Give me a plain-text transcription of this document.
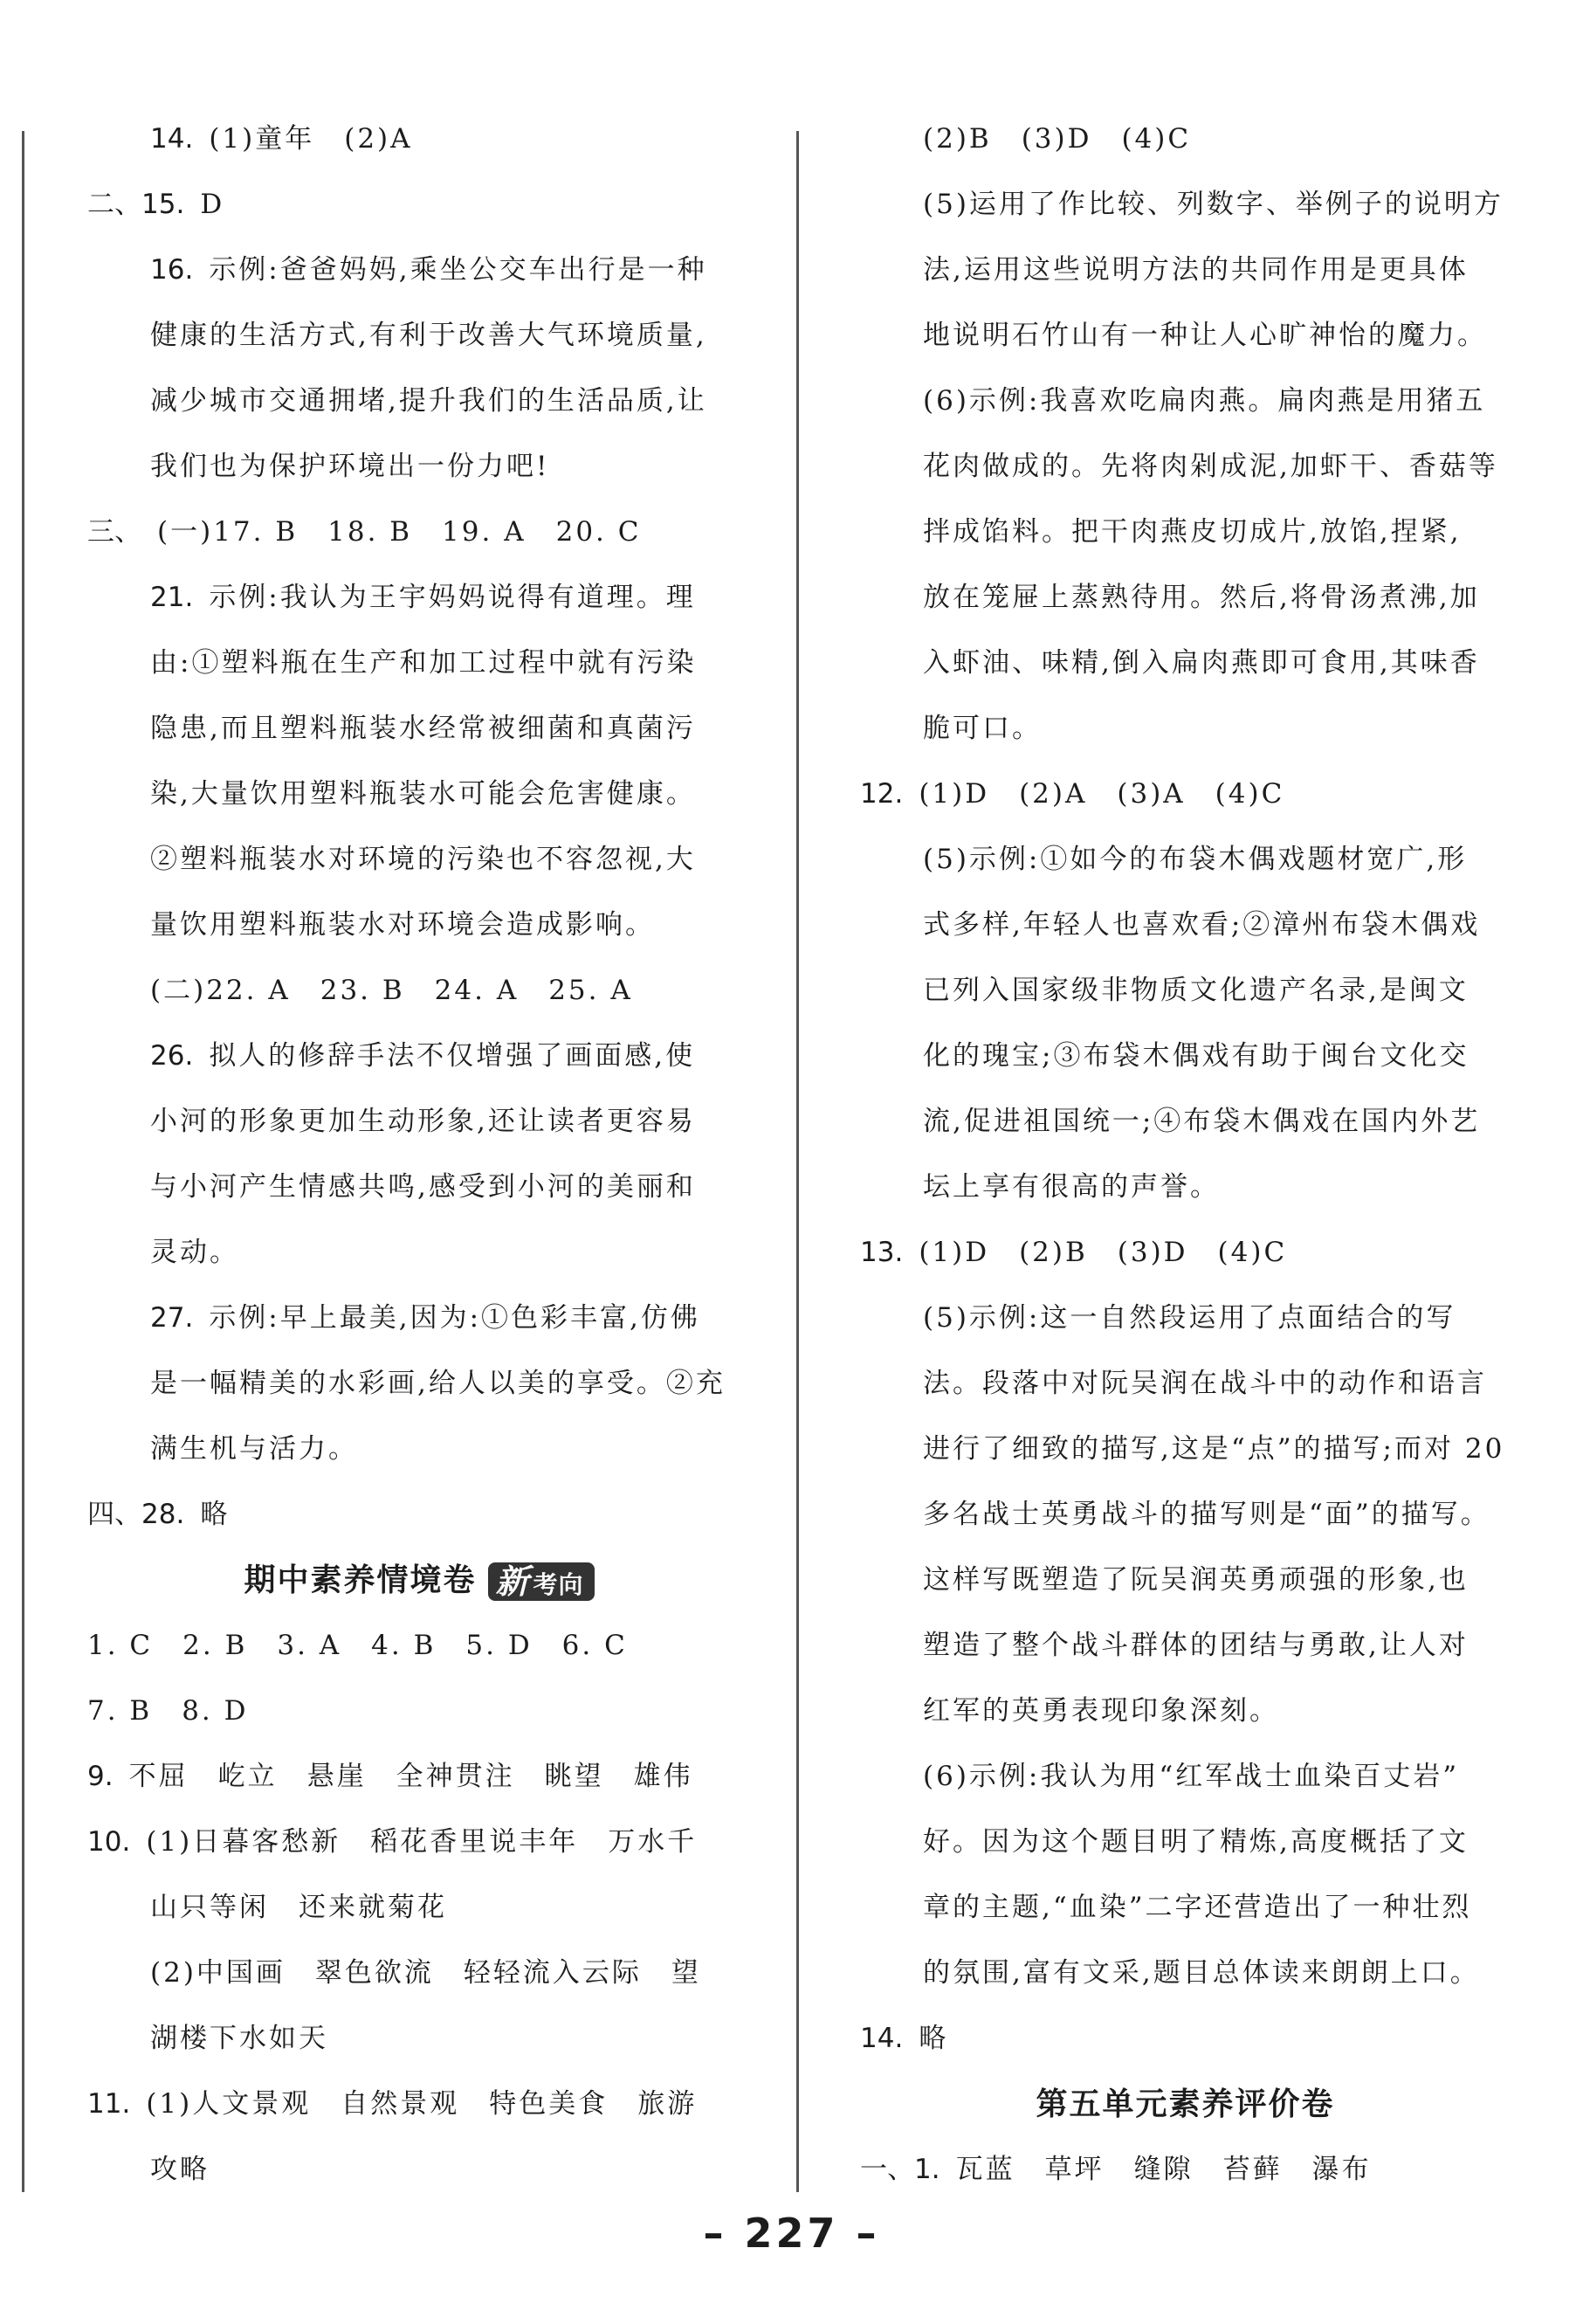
14. (1)童年　(2)A
二、15. D
16. 示例:爸爸妈妈,乘坐公交车出行是一种
健康的生活方式,有利于改善大气环境质量,
减少城市交通拥堵,提升我们的生活品质,让
我们也为保护环境出一份力吧!
三、 (一)17. B　18. B　19. A　20. C
21. 示例:我认为王宇妈妈说得有道理。理
由:①塑料瓶在生产和加工过程中就有污染
隐患,而且塑料瓶装水经常被细菌和真菌污
染,大量饮用塑料瓶装水可能会危害健康。
②塑料瓶装水对环境的污染也不容忽视,大
量饮用塑料瓶装水对环境会造成影响。
(二)22. A　23. B　24. A　25. A
26. 拟人的修辞手法不仅增强了画面感,使
小河的形象更加生动形象,还让读者更容易
与小河产生情感共鸣,感受到小河的美丽和
灵动。
27. 示例:早上最美,因为:①色彩丰富,仿佛
是一幅精美的水彩画,给人以美的享受。②充
满生机与活力。
四、28. 略
期中素养情境卷 新 考向
1. C　2. B　3. A　4. B　5. D　6. C
7. B　8. D
9. 不屈　屹立　悬崖　全神贯注　眺望　雄伟
10. (1)日暮客愁新　稻花香里说丰年　万水千
山只等闲　还来就菊花
(2)中国画　翠色欲流　轻轻流入云际　望
湖楼下水如天
11. (1)人文景观　自然景观　特色美食　旅游
攻略
(2)B　(3)D　(4)C
(5)运用了作比较、列数字、举例子的说明方
法,运用这些说明方法的共同作用是更具体
地说明石竹山有一种让人心旷神怡的魔力。
(6)示例:我喜欢吃扁肉燕。扁肉燕是用猪五
花肉做成的。先将肉剁成泥,加虾干、香菇等
拌成馅料。把干肉燕皮切成片,放馅,捏紧,
放在笼屉上蒸熟待用。然后,将骨汤煮沸,加
入虾油、味精,倒入扁肉燕即可食用,其味香
脆可口。
12. (1)D　(2)A　(3)A　(4)C
(5)示例:①如今的布袋木偶戏题材宽广,形
式多样,年轻人也喜欢看;②漳州布袋木偶戏
已列入国家级非物质文化遗产名录,是闽文
化的瑰宝;③布袋木偶戏有助于闽台文化交
流,促进祖国统一;④布袋木偶戏在国内外艺
坛上享有很高的声誉。
13. (1)D　(2)B　(3)D　(4)C
(5)示例:这一自然段运用了点面结合的写
法。段落中对阮吴润在战斗中的动作和语言
进行了细致的描写,这是“点”的描写;而对 20
多名战士英勇战斗的描写则是“面”的描写。
这样写既塑造了阮吴润英勇顽强的形象,也
塑造了整个战斗群体的团结与勇敢,让人对
红军的英勇表现印象深刻。
(6)示例:我认为用“红军战士血染百丈岩”
好。因为这个题目明了精炼,高度概括了文
章的主题,“血染”二字还营造出了一种壮烈
的氛围,富有文采,题目总体读来朗朗上口。
14. 略
第五单元素养评价卷
一、1. 瓦蓝　草坪　缝隙　苔藓　瀑布
– 227 –
